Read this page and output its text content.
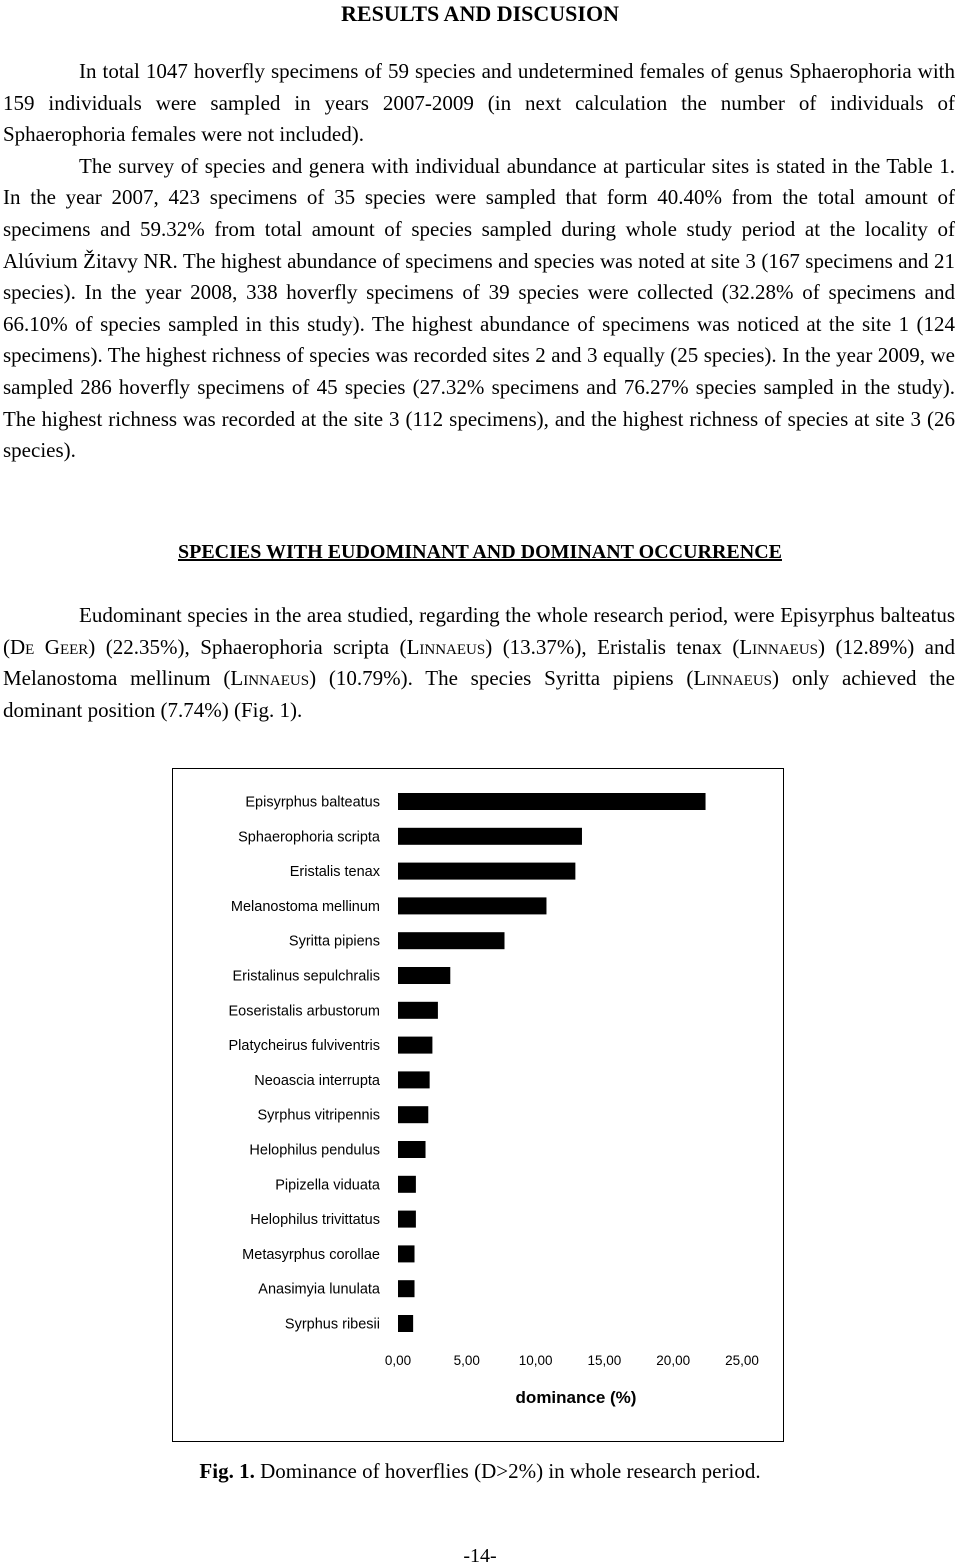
RESULTS AND DISCUSION

In total 1047 hoverfly specimens of 59 species and undetermined females of genus Sphaerophoria with 159 individuals were sampled in years 2007-2009 (in next calculation the number of individuals of Sphaerophoria females were not included).

The survey of species and genera with individual abundance at particular sites is stated in the Table 1. In the year 2007, 423 specimens of 35 species were sampled that form 40.40% from the total amount of specimens and 59.32% from total amount of species sampled during whole study period at the locality of Alúvium Žitavy NR. The highest abundance of specimens and species was noted at site 3 (167 specimens and 21 species). In the year 2008, 338 hoverfly specimens of 39 species were collected (32.28% of specimens and 66.10% of species sampled in this study). The highest abundance of specimens was noticed at the site 1 (124 specimens). The highest richness of species was recorded sites 2 and 3 equally (25 species). In the year 2009, we sampled 286 hoverfly specimens of 45 species (27.32% specimens and 76.27% species sampled in the study). The highest richness was recorded at the site 3 (112 specimens), and the highest richness of species at site 3 (26 species).

SPECIES WITH EUDOMINANT AND DOMINANT OCCURRENCE

Eudominant species in the area studied, regarding the whole research period, were Episyrphus balteatus (De Geer) (22.35%), Sphaerophoria scripta (Linnaeus) (13.37%), Eristalis tenax (Linnaeus) (12.89%) and Melanostoma mellinum (Linnaeus) (10.79%). The species Syritta pipiens (Linnaeus) only achieved the dominant position (7.74%) (Fig. 1).

Episyrphus balteatus
Sphaerophoria scripta
Eristalis tenax
Melanostoma mellinum
Syritta pipiens
Eristalinus sepulchralis
Eoseristalis arbustorum
Platycheirus fulviventris
Neoascia interrupta
Syrphus vitripennis
Helophilus pendulus
Pipizella viduata
Helophilus trivittatus
Metasyrphus corollae
Anasimyia lunulata
Syrphus ribesii
0,00	5,00	10,00	15,00	20,00	25,00
dominance (%)
Fig. 1. Dominance of hoverflies (D>2%) in whole research period.
-14-
